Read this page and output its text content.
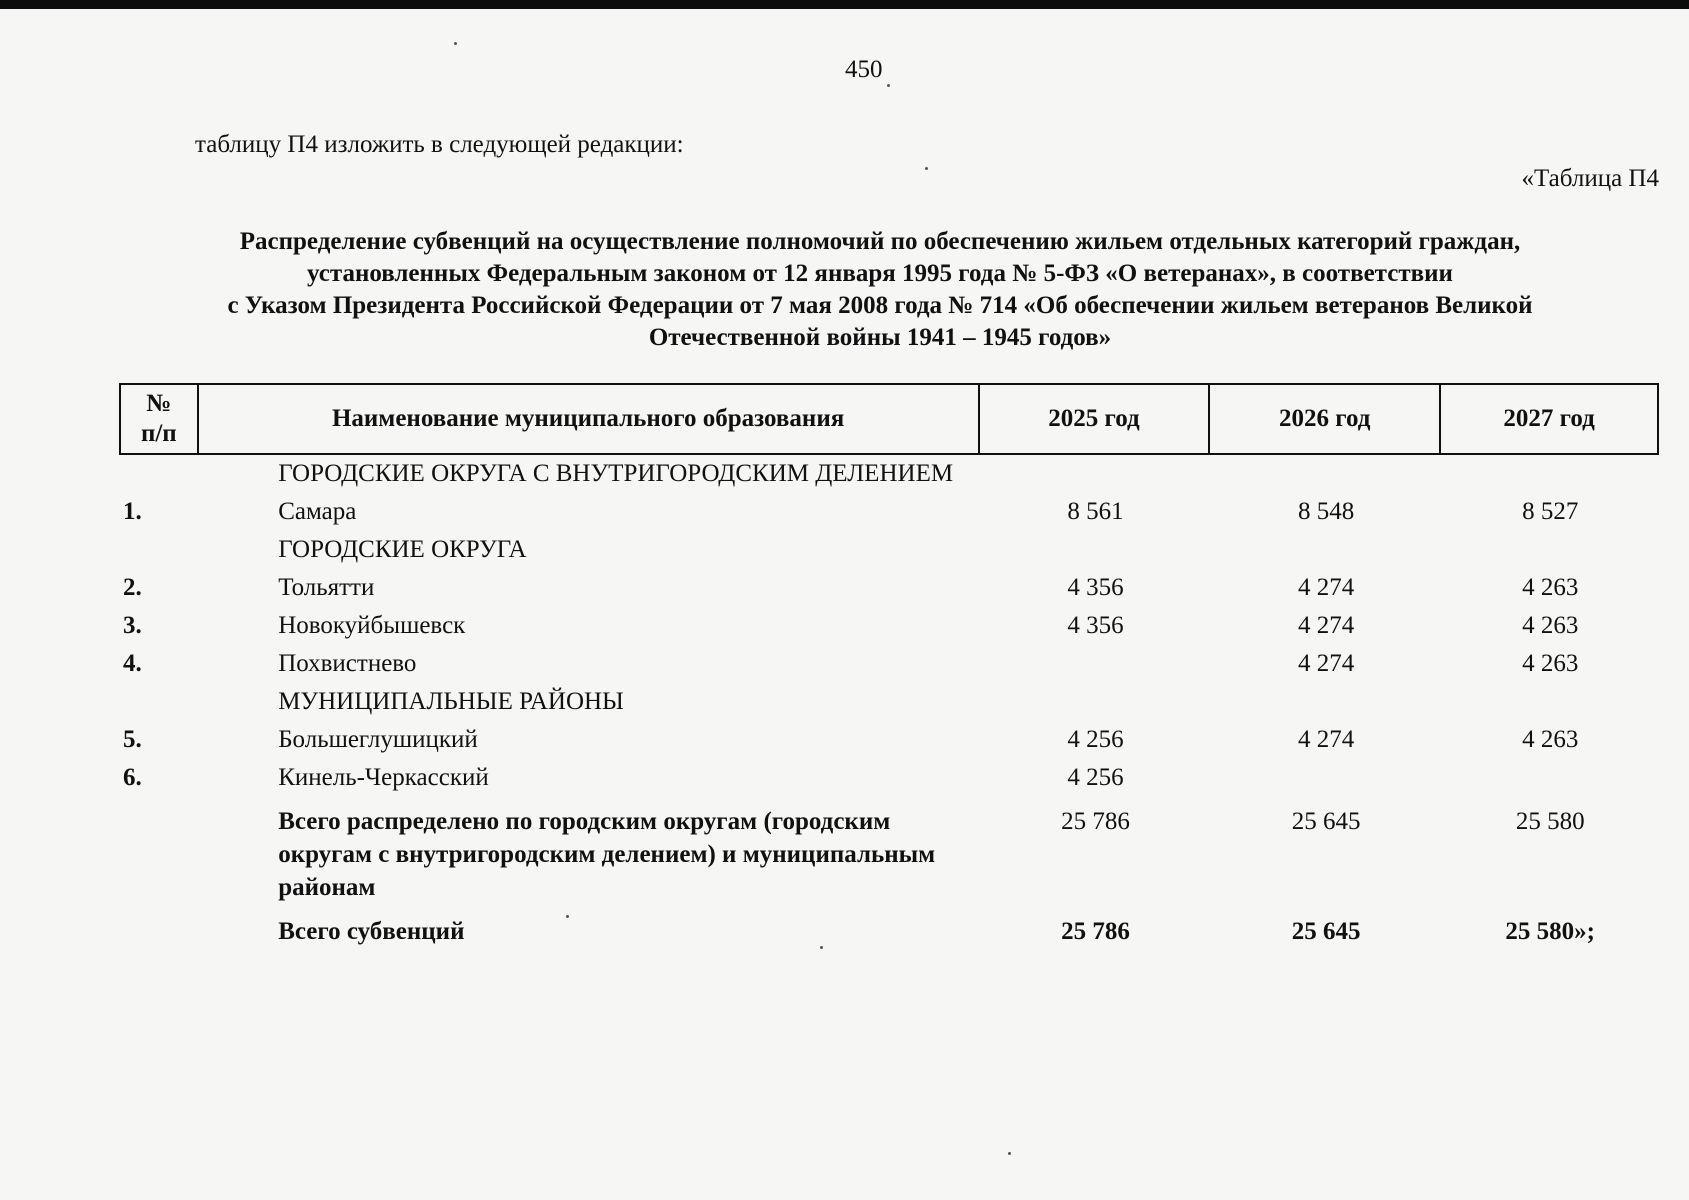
450
таблицу П4 изложить в следующей редакции:
«Таблица П4
Распределение субвенций на осуществление полномочий по обеспечению жильем отдельных категорий граждан,
установленных Федеральным законом от 12 января 1995 года № 5-ФЗ «О ветеранах», в соответствии
с Указом Президента Российской Федерации от 7 мая 2008 года № 714 «Об обеспечении жильем ветеранов Великой
Отечественной войны 1941 – 1945 годов»
№
п/п	Наименование муниципального образования	2025 год	2026 год	2027 год
	ГОРОДСКИЕ ОКРУГА С ВНУТРИГОРОДСКИМ ДЕЛЕНИЕМ			
1.	Самара	8 561	8 548	8 527
	ГОРОДСКИЕ ОКРУГА			
2.	Тольятти	4 356	4 274	4 263
3.	Новокуйбышевск	4 356	4 274	4 263
4.	Похвистнево		4 274	4 263
	МУНИЦИПАЛЬНЫЕ РАЙОНЫ			
5.	Большеглушицкий	4 256	4 274	4 263
6.	Кинель-Черкасский	4 256		
	Всего распределено по городским округам (городским округам с внутригородским делением) и муниципальным районам	25 786	25 645	25 580
	Всего субвенций	25 786	25 645	25 580»;
